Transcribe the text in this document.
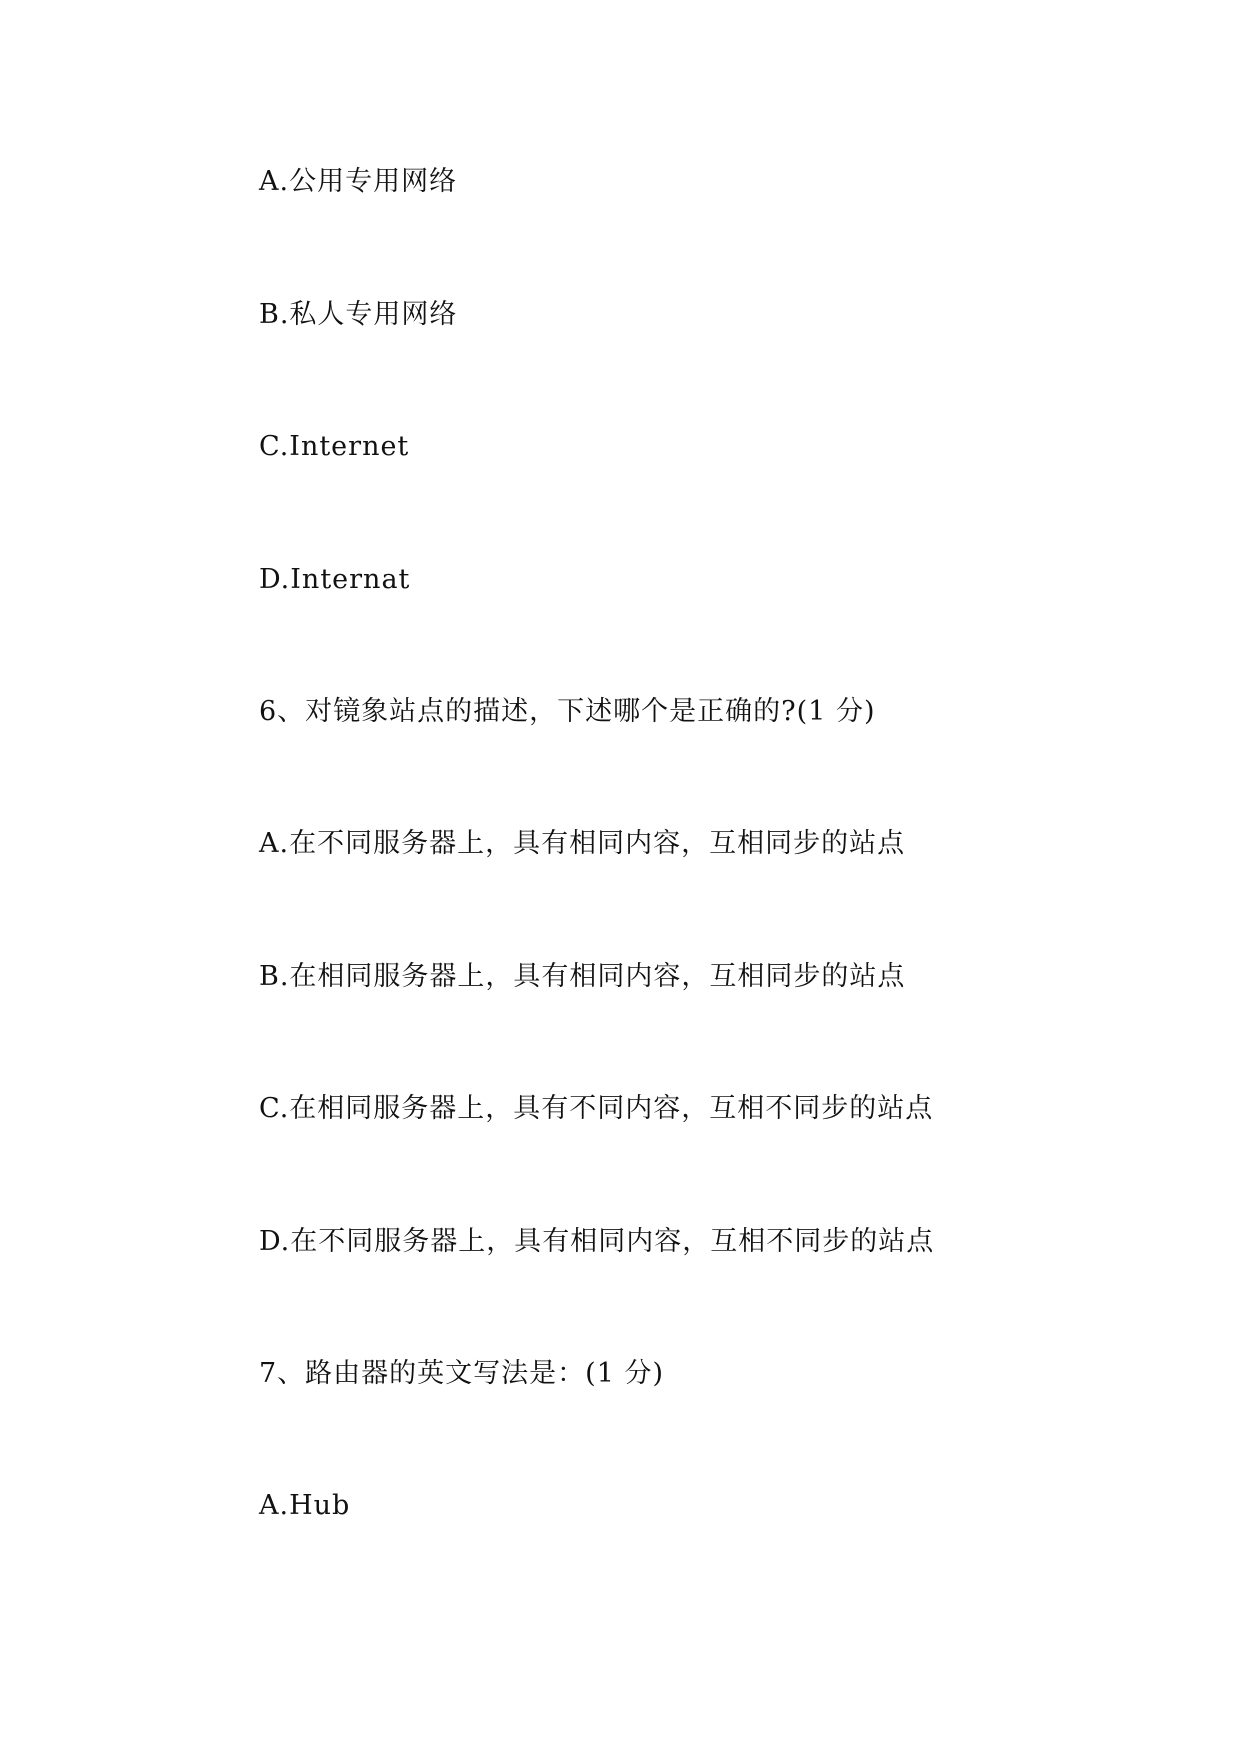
A.公用专用网络
B.私人专用网络
C.Internet
D.Internat
6、对镜象站点的描述，下述哪个是正确的?(1 分)
A.在不同服务器上，具有相同内容，互相同步的站点
B.在相同服务器上，具有相同内容，互相同步的站点
C.在相同服务器上，具有不同内容，互相不同步的站点
D.在不同服务器上，具有相同内容，互相不同步的站点
7、路由器的英文写法是：(1 分)
A.Hub
